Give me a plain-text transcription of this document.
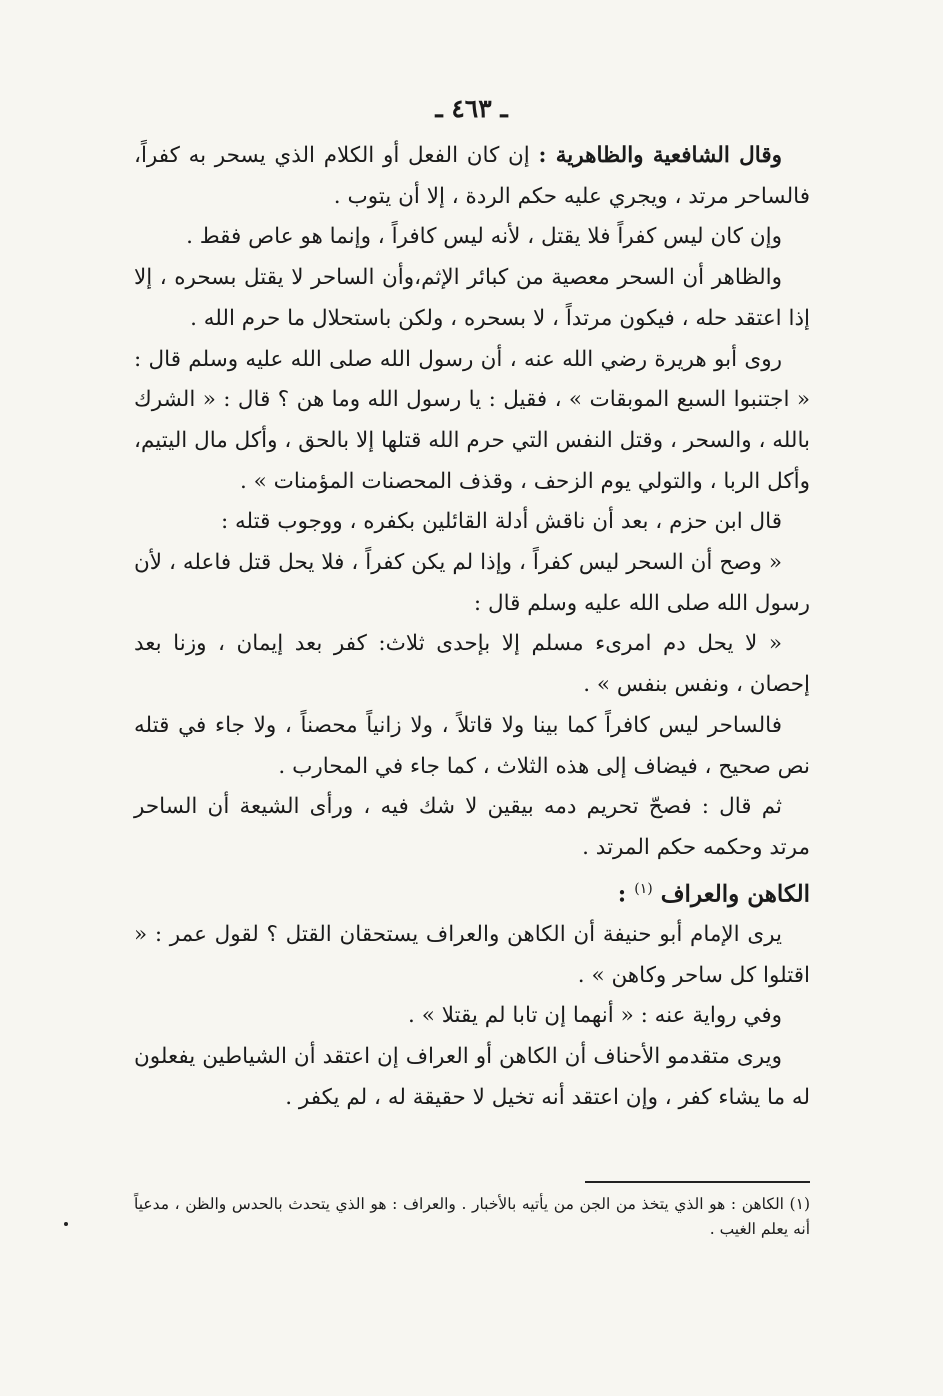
ـ ٤٦٣ ـ

وقال الشافعية والظاهرية : إن كان الفعل أو الكلام الذي يسحر به كفراً، فالساحر مرتد ، ويجري عليه حكم الردة ، إلا أن يتوب .

وإن كان ليس كفراً فلا يقتل ، لأنه ليس كافراً ، وإنما هو عاص فقط .

والظاهر أن السحر معصية من كبائر الإثم،وأن الساحر لا يقتل بسحره ، إلا إذا اعتقد حله ، فيكون مرتداً ، لا بسحره ، ولكن باستحلال ما حرم الله .

روى أبو هريرة رضي الله عنه ، أن رسول الله صلى الله عليه وسلم قال : « اجتنبوا السبع الموبقات » ، فقيل : يا رسول الله وما هن ؟ قال : « الشرك بالله ، والسحر ، وقتل النفس التي حرم الله قتلها إلا بالحق ، وأكل مال اليتيم، وأكل الربا ، والتولي يوم الزحف ، وقذف المحصنات المؤمنات » .

قال ابن حزم ، بعد أن ناقش أدلة القائلين بكفره ، ووجوب قتله :

« وصح أن السحر ليس كفراً ، وإذا لم يكن كفراً ، فلا يحل قتل فاعله ، لأن رسول الله صلى الله عليه وسلم قال :

« لا يحل دم امرىء مسلم إلا بإحدى ثلاث: كفر بعد إيمان ، وزنا بعد إحصان ، ونفس بنفس » .

فالساحر ليس كافراً كما بينا ولا قاتلاً ، ولا زانياً محصناً ، ولا جاء في قتله نص صحيح ، فيضاف إلى هذه الثلاث ، كما جاء في المحارب .

ثم قال : فصحّ تحريم دمه بيقين لا شك فيه ، ورأى الشيعة أن الساحر مرتد وحكمه حكم المرتد .

الكاهن والعراف $^{(١)}$ :

يرى الإمام أبو حنيفة أن الكاهن والعراف يستحقان القتل ؟ لقول عمر : « اقتلوا كل ساحر وكاهن » .

وفي رواية عنه : « أنهما إن تابا لم يقتلا » .

ويرى متقدمو الأحناف أن الكاهن أو العراف إن اعتقد أن الشياطين يفعلون له ما يشاء كفر ، وإن اعتقد أنه تخيل لا حقيقة له ، لم يكفر .

(١) الكاهن : هو الذي يتخذ من الجن من يأتيه بالأخبار . والعراف : هو الذي يتحدث بالحدس والظن ، مدعياً أنه يعلم الغيب .
